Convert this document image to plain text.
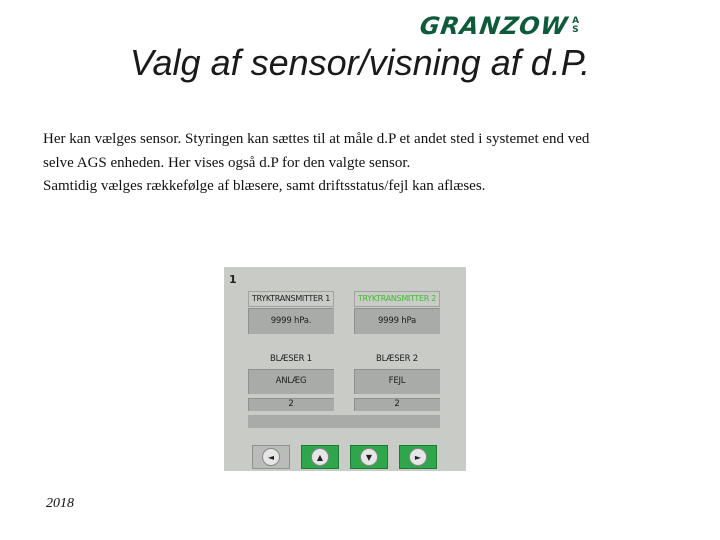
GRANZOW A
S
Valg af sensor/visning af d.P.
Her kan vælges sensor. Styringen kan sættes til at måle d.P et andet sted i systemet end ved
selve AGS enheden. Her vises også d.P for den valgte sensor.
Samtidig vælges rækkefølge af blæsere, samt driftsstatus/fejl kan aflæses.
1
TRYKTRANSMITTER 1	TRYKTRANSMITTER 2
9999 hPa.	9999 hPa
BLÆSER 1	BLÆSER 2
ANLÆG	FEJL
2	2
◄	▲	▼	►
2018
